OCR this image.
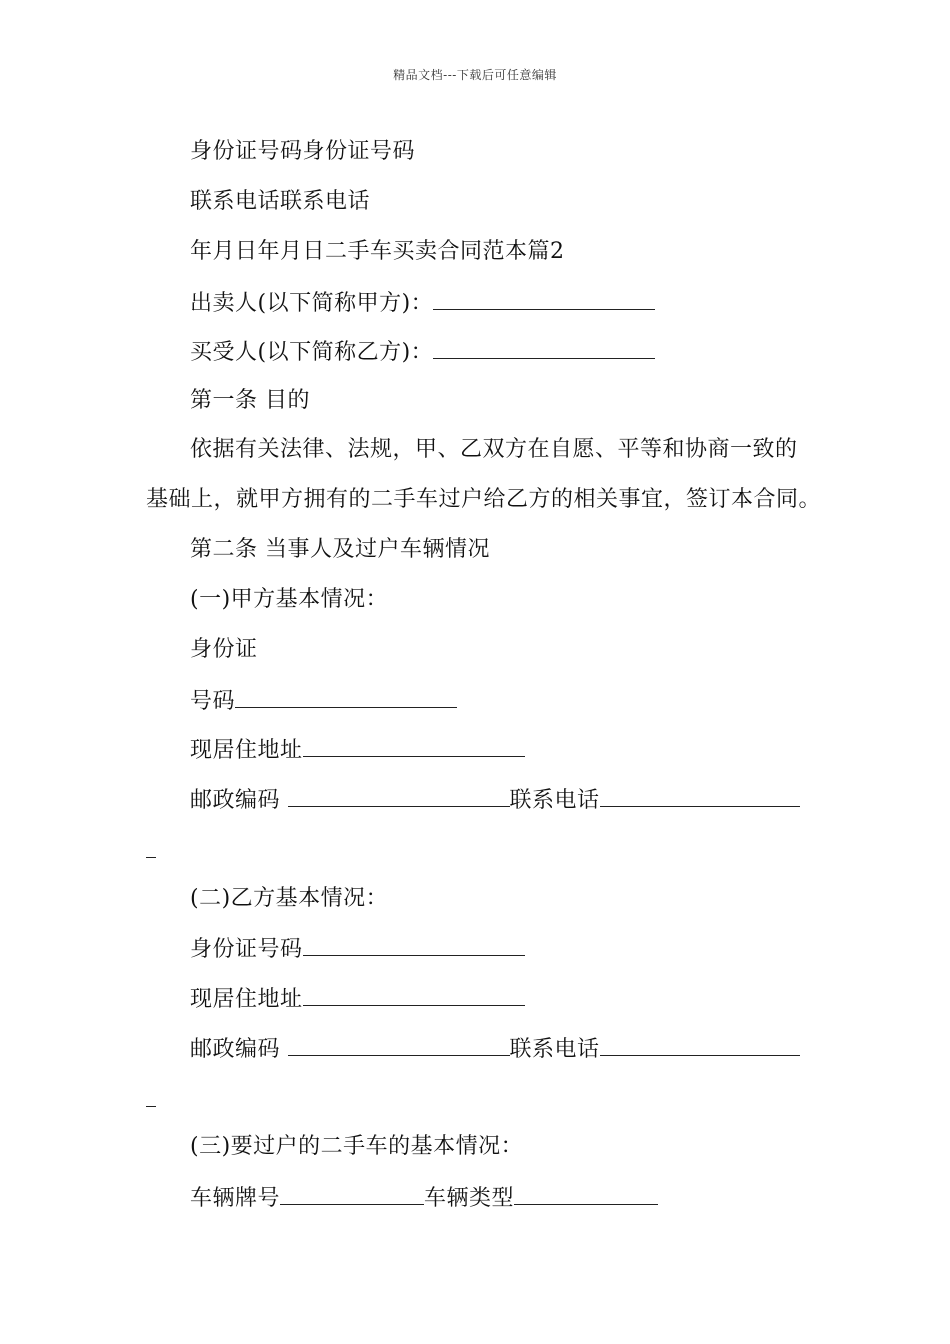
精品文档---下载后可任意编辑
身份证号码身份证号码
联系电话联系电话
年月日年月日二手车买卖合同范本篇2
出卖人(以下简称甲方)：
买受人(以下简称乙方)：
第一条 目的
依据有关法律、法规，甲、乙双方在自愿、平等和协商一致的
基础上，就甲方拥有的二手车过户给乙方的相关事宜，签订本合同。
第二条 当事人及过户车辆情况
(一)甲方基本情况：
身份证
号码
现居住地址
邮政编码	联系电话
(二)乙方基本情况：
身份证号码
现居住地址
邮政编码	联系电话
(三)要过户的二手车的基本情况：
车辆牌号	车辆类型
